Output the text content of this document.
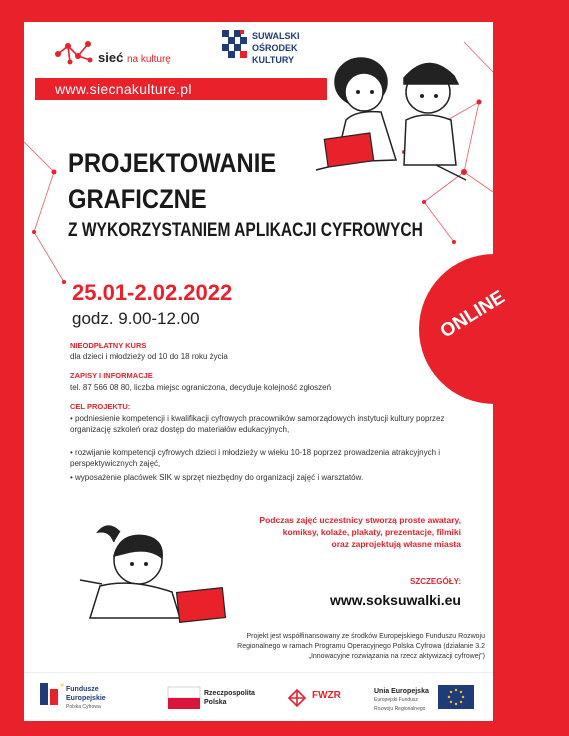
sieć na kulturę
SUWALSKI
OŚRODEK
KULTURY
www.siecnakulture.pl
PROJEKTOWANIE
GRAFICZNE
Z WYKORZYSTANIEM APLIKACJI CYFROWYCH
25.01-2.02.2022
godz. 9.00-12.00	ONLINE
NIEODPŁATNY KURS
dla dzieci i młodzieży od 10 do 18 roku życia
ZAPISY I INFORMACJE
tel. 87 566 08 80, liczba miejsc ograniczona, decyduje kolejność zgłoszeń
CEL PROJEKTU:
• podniesienie kompetencji i kwalifikacji cyfrowych pracowników samorządowych instytucji kultury poprzez organizację szkoleń oraz dostęp do materiałów edukacyjnych,
• rozwijanie kompetencji cyfrowych dzieci i młodzieży w wieku 10-18 poprzez prowadzenia atrakcyjnych i perspektywicznych zajęć,
• wyposażenie placówek SIK w sprzęt niezbędny do organizacji zajęć i warsztatów.
Podczas zajęć uczestnicy stworzą proste awatary,
komiksy, kolaże, plakaty, prezentacje, filmiki
oraz zaprojektują własne miasta
SZCZEGÓŁY:
www.soksuwalki.eu
Projekt jest współfinansowany ze środków Europejskiego Funduszu Rozwoju
Regionalnego w ramach Programu Operacyjnego Polska Cyfrowa (działanie 3.2
„Innowacyjne rozwiązania na rzecz aktywizacji cyfrowej")
Fundusze
Europejskie
Polska Cyfrowa
Rzeczpospolita
Polska
FWZR	Unia Europejska
Europejski Fundusz
Rozwoju Regionalnego
